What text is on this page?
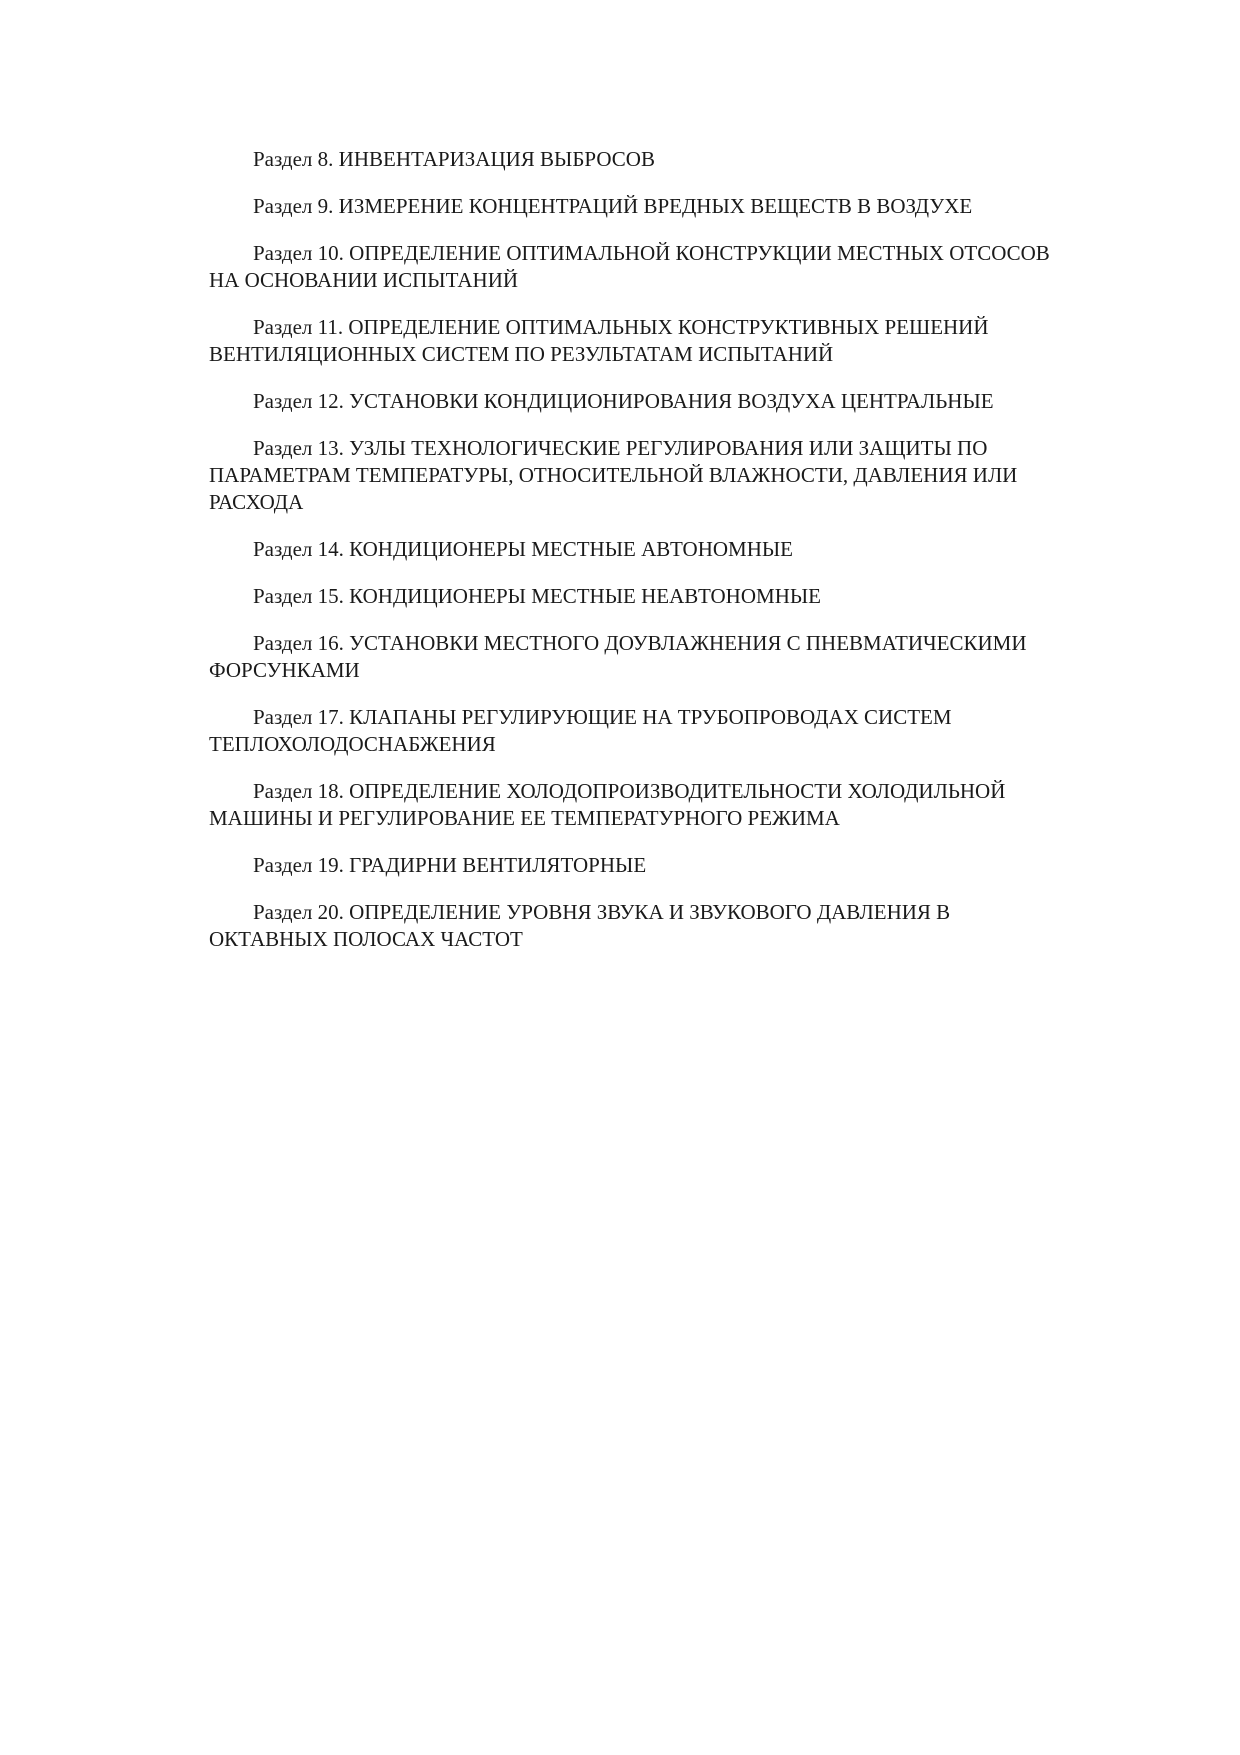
Раздел 8. ИНВЕНТАРИЗАЦИЯ ВЫБРОСОВ

Раздел 9. ИЗМЕРЕНИЕ КОНЦЕНТРАЦИЙ ВРЕДНЫХ ВЕЩЕСТВ В ВОЗДУХЕ

Раздел 10. ОПРЕДЕЛЕНИЕ ОПТИМАЛЬНОЙ КОНСТРУКЦИИ МЕСТНЫХ ОТСОСОВ НА ОСНОВАНИИ ИСПЫТАНИЙ

Раздел 11. ОПРЕДЕЛЕНИЕ ОПТИМАЛЬНЫХ КОНСТРУКТИВНЫХ РЕШЕНИЙ ВЕНТИЛЯЦИОННЫХ СИСТЕМ ПО РЕЗУЛЬТАТАМ ИСПЫТАНИЙ

Раздел 12. УСТАНОВКИ КОНДИЦИОНИРОВАНИЯ ВОЗДУХА ЦЕНТРАЛЬНЫЕ

Раздел 13. УЗЛЫ ТЕХНОЛОГИЧЕСКИЕ РЕГУЛИРОВАНИЯ ИЛИ ЗАЩИТЫ ПО ПАРАМЕТРАМ ТЕМПЕРАТУРЫ, ОТНОСИТЕЛЬНОЙ ВЛАЖНОСТИ, ДАВЛЕНИЯ ИЛИ РАСХОДА

Раздел 14. КОНДИЦИОНЕРЫ МЕСТНЫЕ АВТОНОМНЫЕ

Раздел 15. КОНДИЦИОНЕРЫ МЕСТНЫЕ НЕАВТОНОМНЫЕ

Раздел 16. УСТАНОВКИ МЕСТНОГО ДОУВЛАЖНЕНИЯ С ПНЕВМАТИЧЕСКИМИ ФОРСУНКАМИ

Раздел 17. КЛАПАНЫ РЕГУЛИРУЮЩИЕ НА ТРУБОПРОВОДАХ СИСТЕМ ТЕПЛОХОЛОДОСНАБЖЕНИЯ

Раздел 18. ОПРЕДЕЛЕНИЕ ХОЛОДОПРОИЗВОДИТЕЛЬНОСТИ ХОЛОДИЛЬНОЙ МАШИНЫ И РЕГУЛИРОВАНИЕ ЕЕ ТЕМПЕРАТУРНОГО РЕЖИМА

Раздел 19. ГРАДИРНИ ВЕНТИЛЯТОРНЫЕ

Раздел 20. ОПРЕДЕЛЕНИЕ УРОВНЯ ЗВУКА И ЗВУКОВОГО ДАВЛЕНИЯ В ОКТАВНЫХ ПОЛОСАХ ЧАСТОТ
